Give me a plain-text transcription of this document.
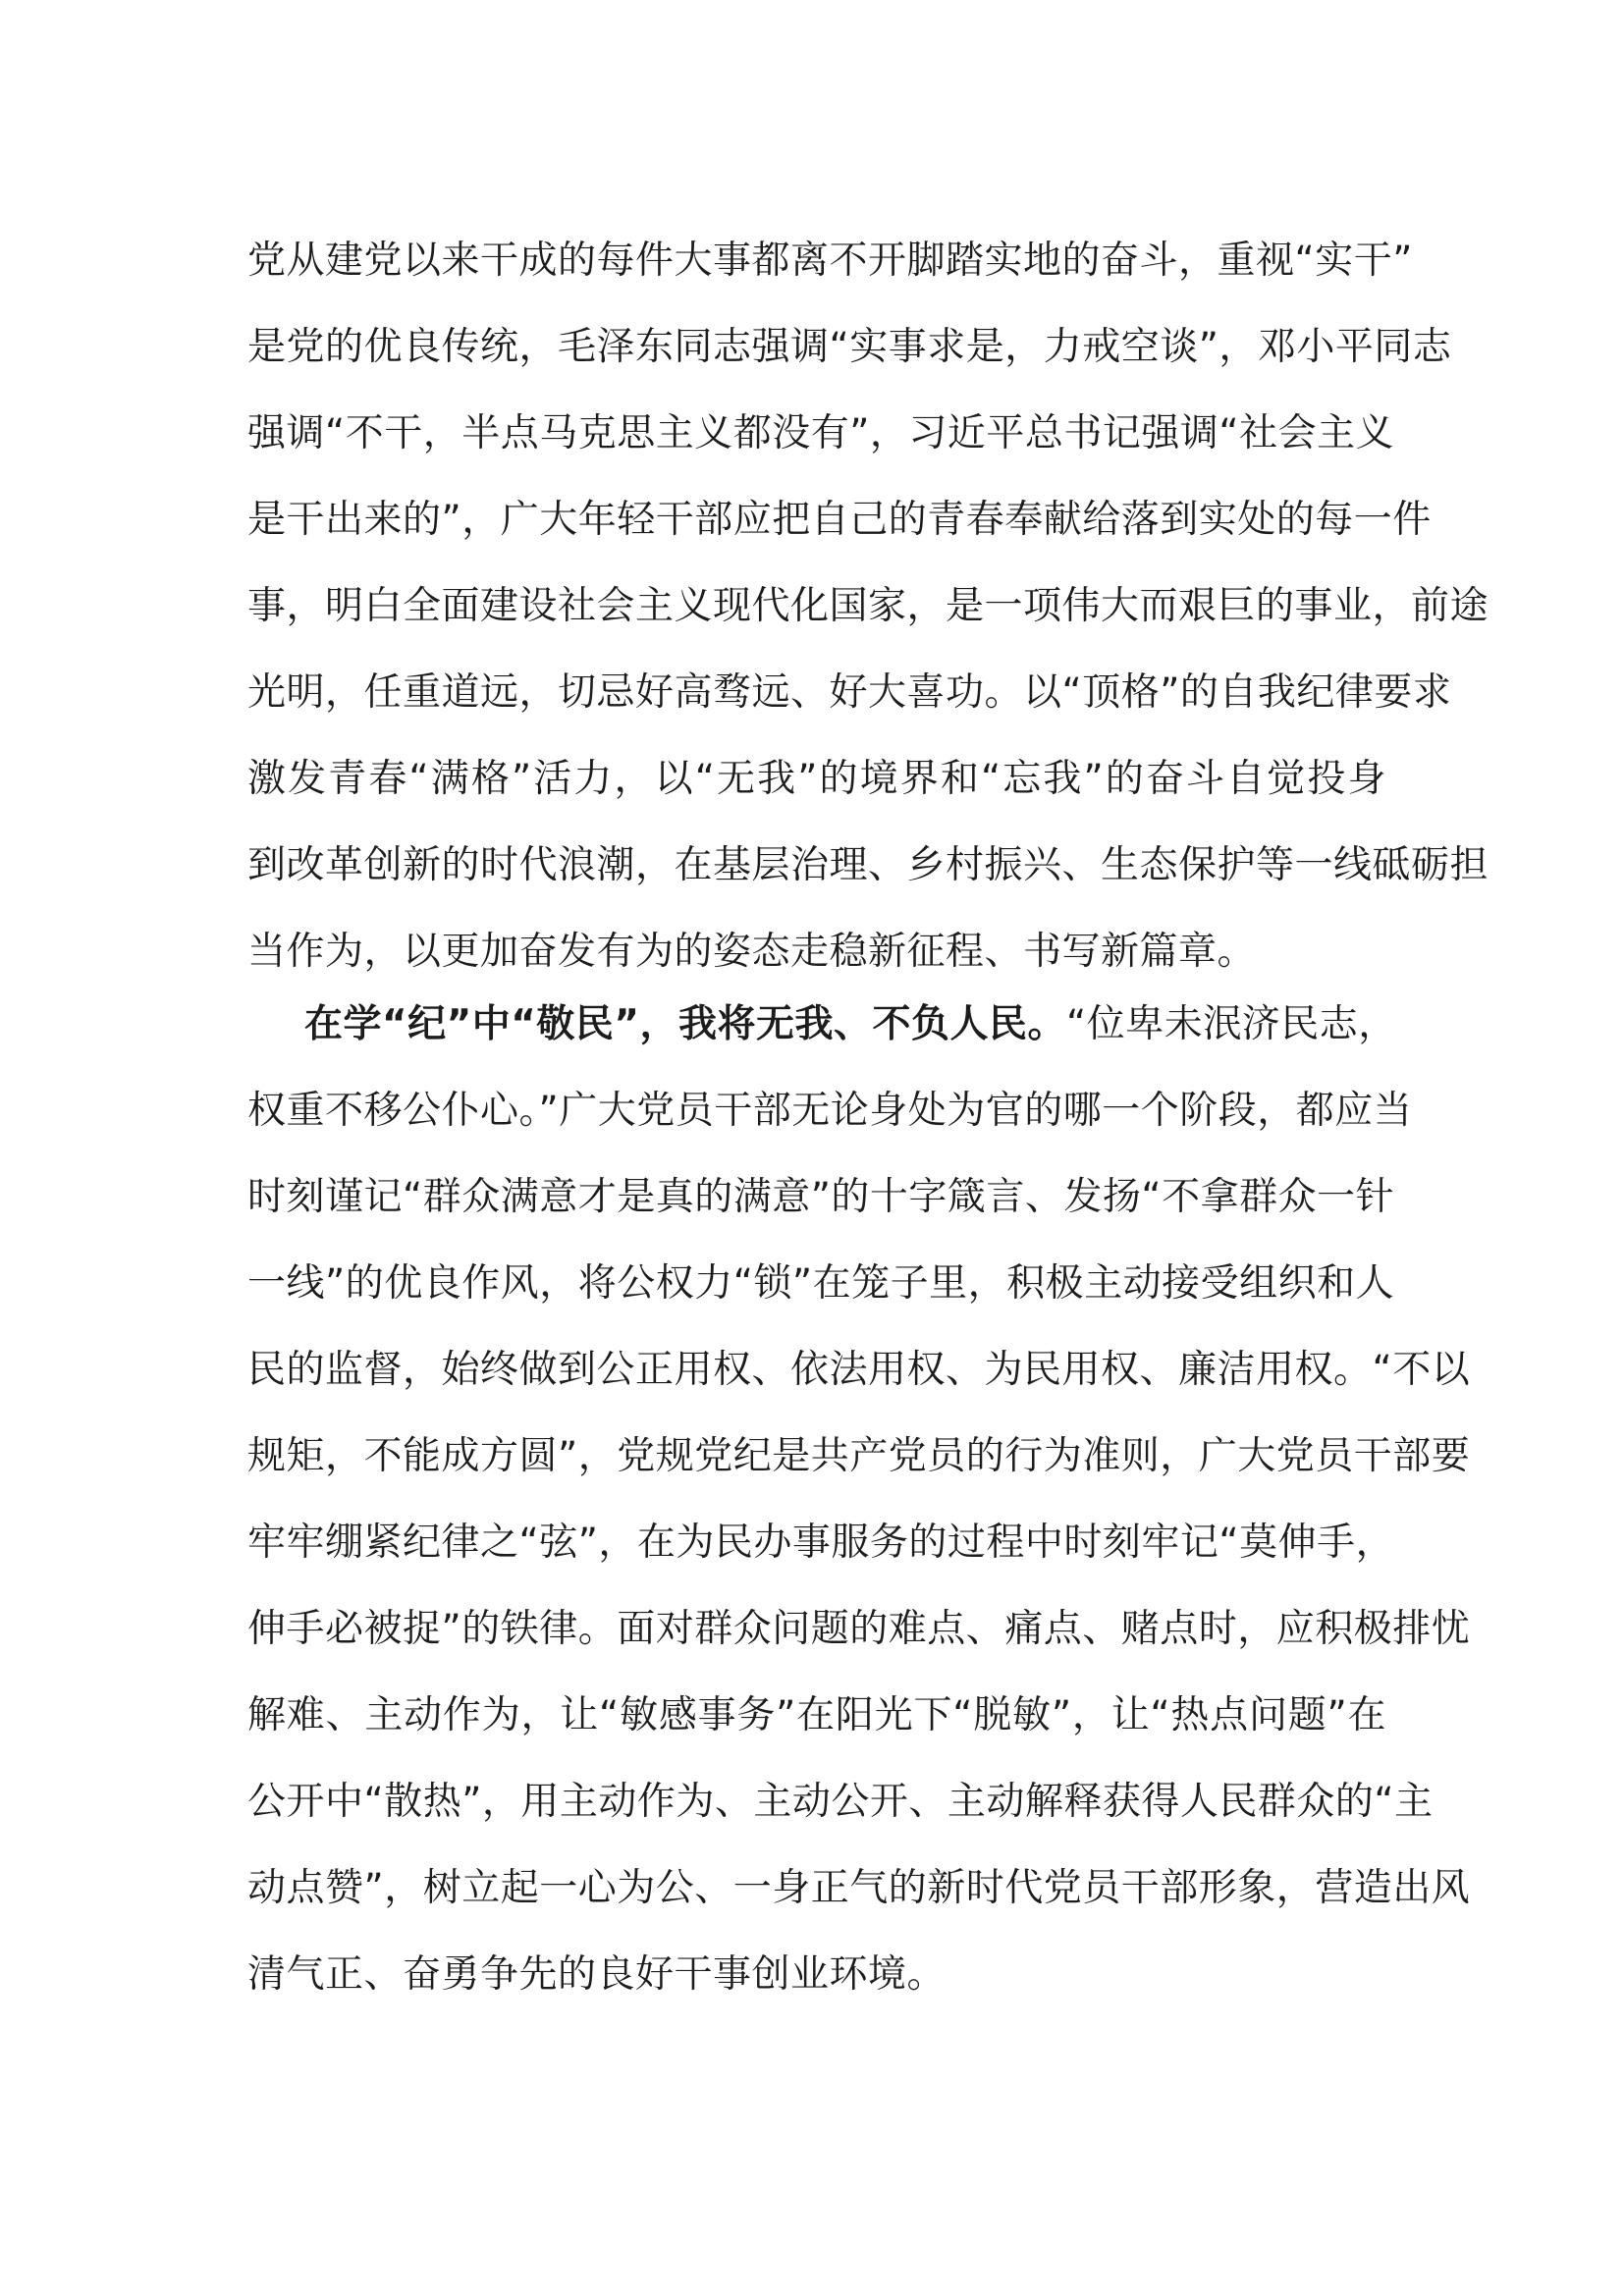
党从建党以来干成的每件大事都离不开脚踏实地的奋斗，重视“实干”
是党的优良传统，毛泽东同志强调“实事求是，力戒空谈”，邓小平同志
强调“不干，半点马克思主义都没有”，习近平总书记强调“社会主义
是干出来的”，广大年轻干部应把自己的青春奉献给落到实处的每一件
事，明白全面建设社会主义现代化国家，是一项伟大而艰巨的事业，前途
光明，任重道远，切忌好高骛远、好大喜功。以“顶格”的自我纪律要求
激发青春“满格”活力，以“无我”的境界和“忘我”的奋斗自觉投身
到改革创新的时代浪潮，在基层治理、乡村振兴、生态保护等一线砥砺担
当作为，以更加奋发有为的姿态走稳新征程、书写新篇章。
在学“纪”中“敬民”，我将无我、不负人民。“位卑未泯济民志，
权重不移公仆心。”广大党员干部无论身处为官的哪一个阶段，都应当
时刻谨记“群众满意才是真的满意”的十字箴言、发扬“不拿群众一针
一线”的优良作风，将公权力“锁”在笼子里，积极主动接受组织和人
民的监督，始终做到公正用权、依法用权、为民用权、廉洁用权。“不以
规矩，不能成方圆”，党规党纪是共产党员的行为准则，广大党员干部要
牢牢绷紧纪律之“弦”，在为民办事服务的过程中时刻牢记“莫伸手，
伸手必被捉”的铁律。面对群众问题的难点、痛点、赌点时，应积极排忧
解难、主动作为，让“敏感事务”在阳光下“脱敏”，让“热点问题”在
公开中“散热”，用主动作为、主动公开、主动解释获得人民群众的“主
动点赞”，树立起一心为公、一身正气的新时代党员干部形象，营造出风
清气正、奋勇争先的良好干事创业环境。
